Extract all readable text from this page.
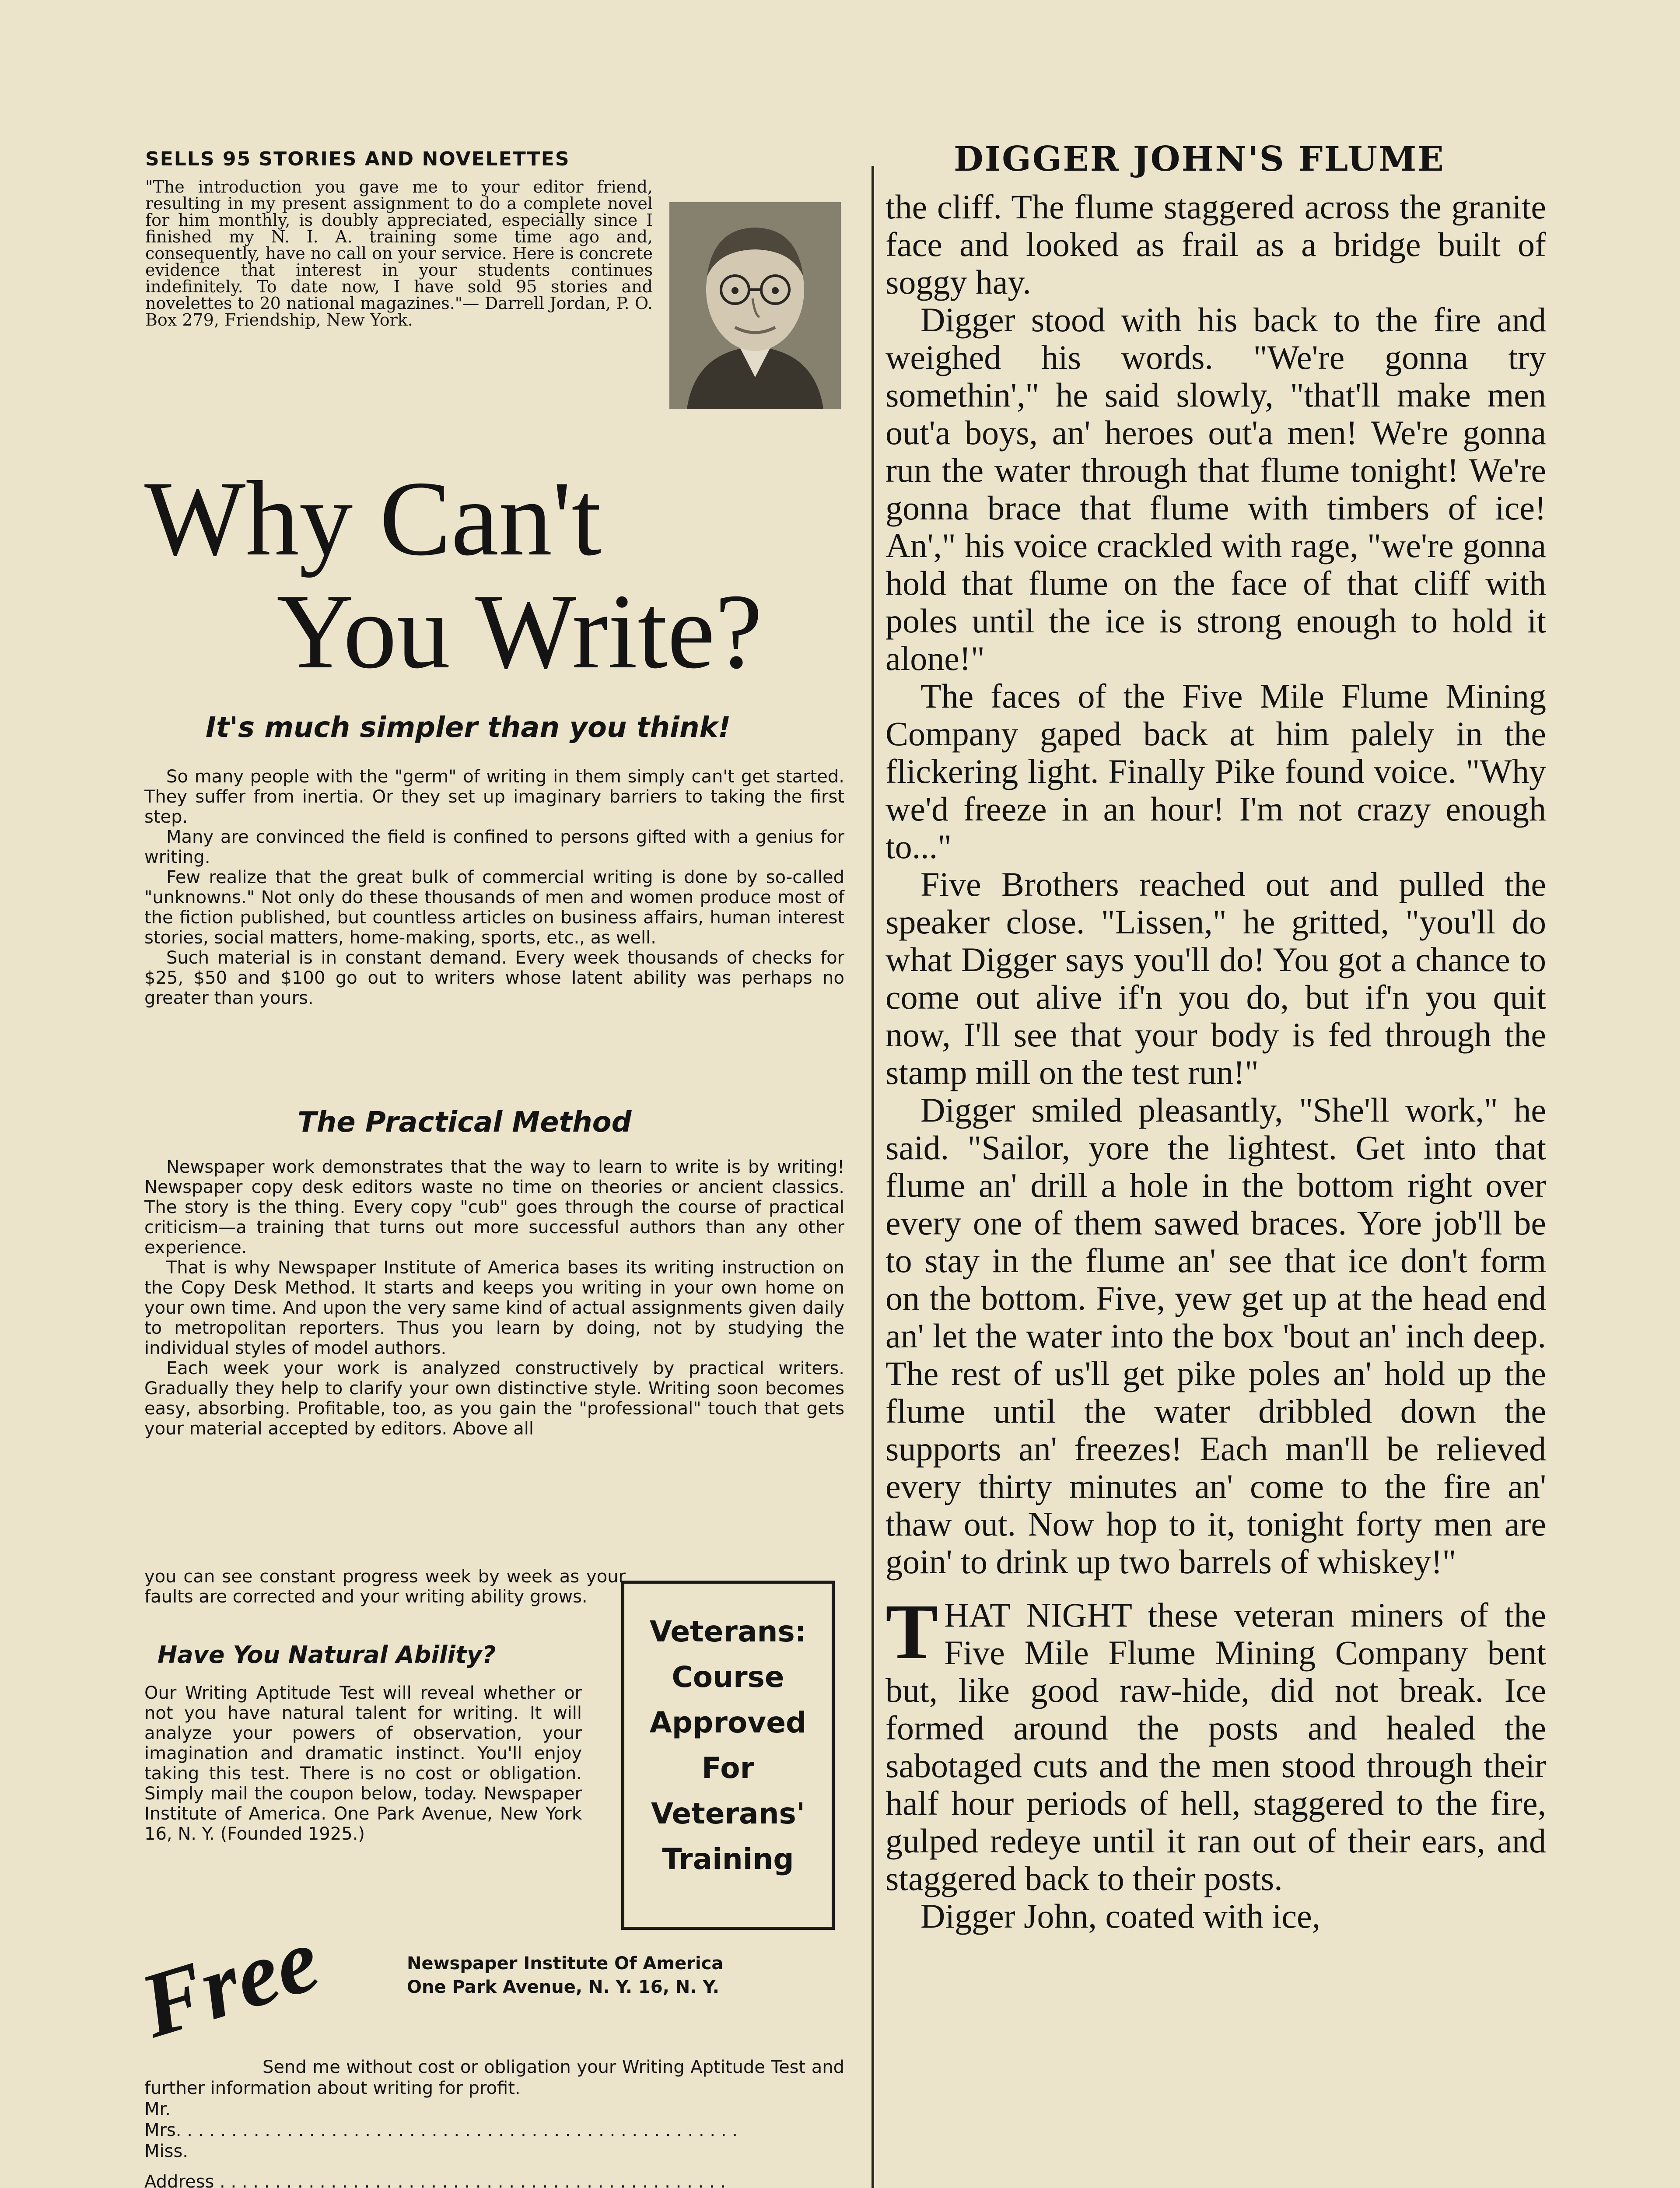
SELLS 95 STORIES AND NOVELETTES
"The introduction you gave me to your editor friend, resulting in my present assignment to do a complete novel for him monthly, is doubly appreciated, especially since I finished my N. I. A. training some time ago and, consequently, have no call on your service. Here is concrete evidence that interest in your students continues indefinitely. To date now, I have sold 95 stories and novelettes to 20 national magazines."— Darrell Jordan, P. O. Box 279, Friendship, New York.
Why Can't
You Write?
It's much simpler than you think!

So many people with the "germ" of writing in them simply can't get started. They suffer from inertia. Or they set up imaginary barriers to taking the first step.

Many are convinced the field is confined to persons gifted with a genius for writing.

Few realize that the great bulk of commercial writing is done by so-called "unknowns." Not only do these thousands of men and women produce most of the fiction published, but countless articles on business affairs, human interest stories, social matters, home-making, sports, etc., as well.

Such material is in constant demand. Every week thousands of checks for $25, $50 and $100 go out to writers whose latent ability was perhaps no greater than yours.

The Practical Method

Newspaper work demonstrates that the way to learn to write is by writing! Newspaper copy desk editors waste no time on theories or ancient classics. The story is the thing. Every copy "cub" goes through the course of practical criticism—a training that turns out more successful authors than any other experience.

That is why Newspaper Institute of America bases its writing instruction on the Copy Desk Method. It starts and keeps you writing in your own home on your own time. And upon the very same kind of actual assignments given daily to metropolitan reporters. Thus you learn by doing, not by studying the individual styles of model authors.

Each week your work is analyzed constructively by practical writers. Gradually they help to clarify your own distinctive style. Writing soon becomes easy, absorbing. Profitable, too, as you gain the "professional" touch that gets your material accepted by editors. Above all

you can see constant progress week by week as your faults are corrected and your writing ability grows.

Have You Natural Ability?

Our Writing Aptitude Test will reveal whether or not you have natural talent for writing. It will analyze your powers of observation, your imagination and dramatic instinct. You'll enjoy taking this test. There is no cost or obligation. Simply mail the coupon below, today. Newspaper Institute of America. One Park Avenue, New York 16, N. Y. (Founded 1925.)

Veterans:
Course
Approved
For
Veterans'
Training
Free	Newspaper Institute Of America
One Park Avenue, N. Y. 16, N. Y.

Send me without cost or obligation your Writing Aptitude Test and further information about writing for profit.

Mr.
Mrs. . . . . . . . . . . . . . . . . . . . . . . . . . . . . . . . . . . . . . . . . . . . . . . . . . .
Miss.
Address . . . . . . . . . . . . . . . . . . . . . . . . . . . . . . . . . . . . . . . . . . . . . .
DIGGER JOHN'S FLUME

the cliff. The flume staggered across the granite face and looked as frail as a bridge built of soggy hay.

Digger stood with his back to the fire and weighed his words. "We're gonna try somethin'," he said slowly, "that'll make men out'a boys, an' heroes out'a men! We're gonna run the water through that flume tonight! We're gonna brace that flume with timbers of ice! An'," his voice crackled with rage, "we're gonna hold that flume on the face of that cliff with poles until the ice is strong enough to hold it alone!"

The faces of the Five Mile Flume Mining Company gaped back at him palely in the flickering light. Finally Pike found voice. "Why we'd freeze in an hour! I'm not crazy enough to..."

Five Brothers reached out and pulled the speaker close. "Lissen," he gritted, "you'll do what Digger says you'll do! You got a chance to come out alive if'n you do, but if'n you quit now, I'll see that your body is fed through the stamp mill on the test run!"

Digger smiled pleasantly, "She'll work," he said. "Sailor, yore the lightest. Get into that flume an' drill a hole in the bottom right over every one of them sawed braces. Yore job'll be to stay in the flume an' see that ice don't form on the bottom. Five, yew get up at the head end an' let the water into the box 'bout an' inch deep. The rest of us'll get pike poles an' hold up the flume until the water dribbled down the supports an' freezes! Each man'll be relieved every thirty minutes an' come to the fire an' thaw out. Now hop to it, tonight forty men are goin' to drink up two barrels of whiskey!"

THAT NIGHT these veteran miners of the Five Mile Flume Mining Company bent but, like good raw-hide, did not break. Ice formed around the posts and healed the sabotaged cuts and the men stood through their half hour periods of hell, staggered to the fire, gulped redeye until it ran out of their ears, and staggered back to their posts.

Digger John, coated with ice,
